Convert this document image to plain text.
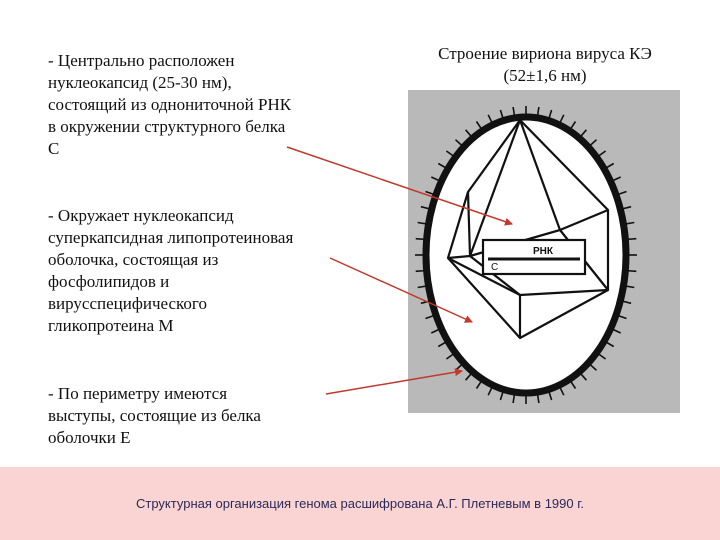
- Центрально расположен
нуклеокапсид (25-30 нм),
состоящий из однониточной РНК
в окружении структурного белка
С
- Окружает нуклеокапсид
суперкапсидная липопротеиновая
оболочка, состоящая из
фосфолипидов и
вирусспецифического
гликопротеина М
- По периметру имеются
выступы, состоящие из белка
оболочки Е
Строение вириона вируса КЭ
(52±1,6 нм)
РНК
С
Структурная организация генома расшифрована А.Г. Плетневым в 1990 г.
